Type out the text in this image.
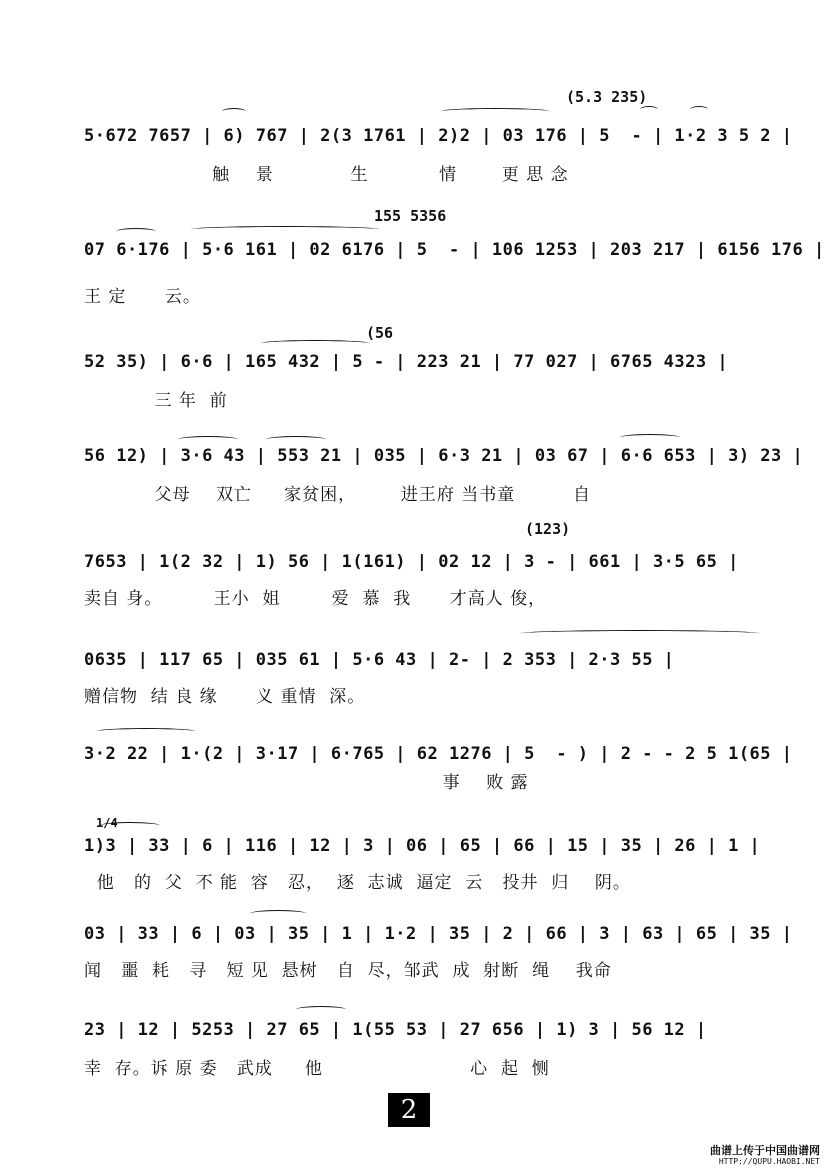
(5.3 235)
155 5356
(56
(123)
1/4
5·672 7657 | 6) 767 | 2(3 1761 | 2)2 | 03 176 | 5  - | 1·2 3 5 2 |
触    景            生           情       更 思 念
07 6·176 | 5·6 161 | 02 6176 | 5  - | 106 1253 | 203 217 | 6156 176 |
王 定      云。
52 35) | 6·6 | 165 432 | 5 - | 223 21 | 77 027 | 6765 4323 |
三 年  前
56 12) | 3·6 43 | 553 21 | 035 | 6·3 21 | 03 67 | 6·6 653 | 3) 23 |
父母    双亡     家贫困，       进王府 当书童         自
7653 | 1(2 32 | 1) 56 | 1(161) | 02 12 | 3 - | 661 | 3·5 65 |
卖自 身。        王小  姐        爱  慕  我      才高人 俊，
0635 | 117 65 | 035 61 | 5·6 43 | 2- | 2 353 | 2·3 55 |
赠信物  结 良 缘      义 重情  深。
3·2 22 | 1·(2 | 3·17 | 6·765 | 62 1276 | 5  - ) | 2 - - 2 5 1(65 |
事    败 露
1)3 | 33 | 6 | 116 | 12 | 3 | 06 | 65 | 66 | 15 | 35 | 26 | 1 |
他   的  父  不 能  容   忍，  逐  志诚  逼定  云   投井  归    阴。
03 | 33 | 6 | 03 | 35 | 1 | 1·2 | 35 | 2 | 66 | 3 | 63 | 65 | 35 |
闻   噩  耗   寻   短 见  悬树   自  尽，邹武  成  射断  绳    我命
23 | 12 | 5253 | 27 65 | 1(55 53 | 27 656 | 1) 3 | 56 12 |
幸  存。诉 原 委   武成     他                       心  起  恻
2
曲谱上传于中国曲谱网
HTTP://QUPU.HAOBI.NET
